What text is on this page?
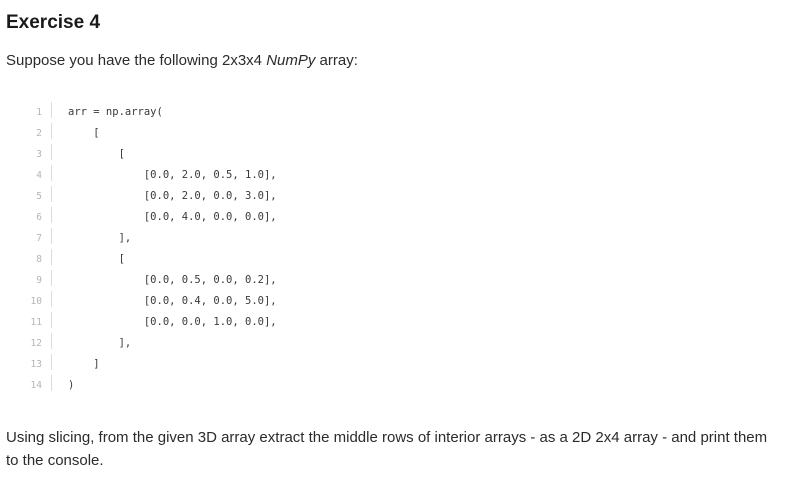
Exercise 4
Suppose you have the following 2x3x4 NumPy array:
1 arr = np.array(
2 [
3 [
4 [0.0, 2.0, 0.5, 1.0],
5 [0.0, 2.0, 0.0, 3.0],
6 [0.0, 4.0, 0.0, 0.0],
7 ],
8 [
9 [0.0, 0.5, 0.0, 0.2],
10 [0.0, 0.4, 0.0, 5.0],
11 [0.0, 0.0, 1.0, 0.0],
12 ],
13 ]
14 )
Using slicing, from the given 3D array extract the middle rows of interior arrays - as a 2D 2x4 array - and print them to the console.
